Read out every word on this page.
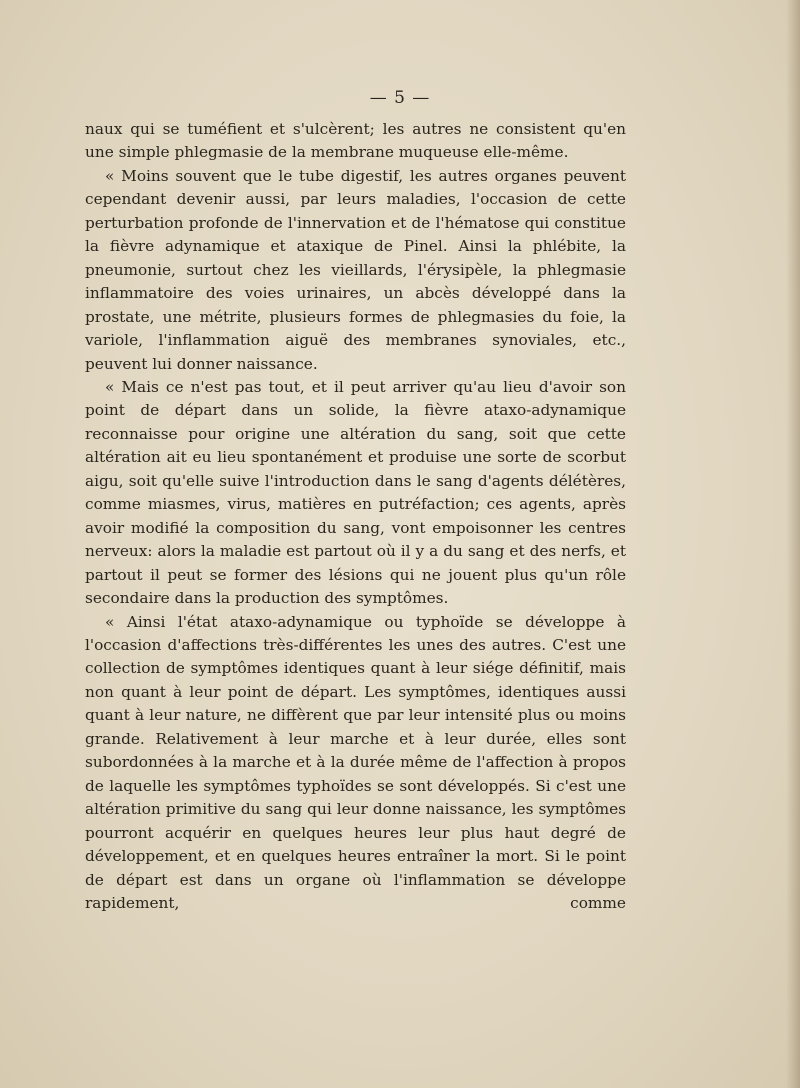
— 5 —

naux qui se tuméfient et s'ulcèrent; les autres ne consistent qu'en une simple phlegmasie de la membrane muqueuse elle-même.

« Moins souvent que le tube digestif, les autres organes peuvent cependant devenir aussi, par leurs maladies, l'occasion de cette perturbation profonde de l'innervation et de l'hématose qui constitue la fièvre adynamique et ataxique de Pinel. Ainsi la phlébite, la pneumonie, surtout chez les vieillards, l'érysipèle, la phlegmasie inflammatoire des voies urinaires, un abcès développé dans la prostate, une métrite, plusieurs formes de phlegmasies du foie, la variole, l'inflammation aiguë des membranes synoviales, etc., peuvent lui donner naissance.

« Mais ce n'est pas tout, et il peut arriver qu'au lieu d'avoir son point de départ dans un solide, la fièvre ataxo-adynamique reconnaisse pour origine une altération du sang, soit que cette altération ait eu lieu spontanément et produise une sorte de scorbut aigu, soit qu'elle suive l'introduction dans le sang d'agents délétères, comme miasmes, virus, matières en putréfaction; ces agents, après avoir modifié la composition du sang, vont empoisonner les centres nerveux: alors la maladie est partout où il y a du sang et des nerfs, et partout il peut se former des lésions qui ne jouent plus qu'un rôle secondaire dans la production des symptômes.

« Ainsi l'état ataxo-adynamique ou typhoïde se développe à l'occasion d'affections très-différentes les unes des autres. C'est une collection de symptômes identiques quant à leur siége définitif, mais non quant à leur point de départ. Les symptômes, identiques aussi quant à leur nature, ne diffèrent que par leur intensité plus ou moins grande. Relativement à leur marche et à leur durée, elles sont subordonnées à la marche et à la durée même de l'affection à propos de laquelle les symptômes typhoïdes se sont développés. Si c'est une altération primitive du sang qui leur donne naissance, les symptômes pourront acquérir en quelques heures leur plus haut degré de développement, et en quelques heures entraîner la mort. Si le point de départ est dans un organe où l'inflammation se développe rapidement, comme
